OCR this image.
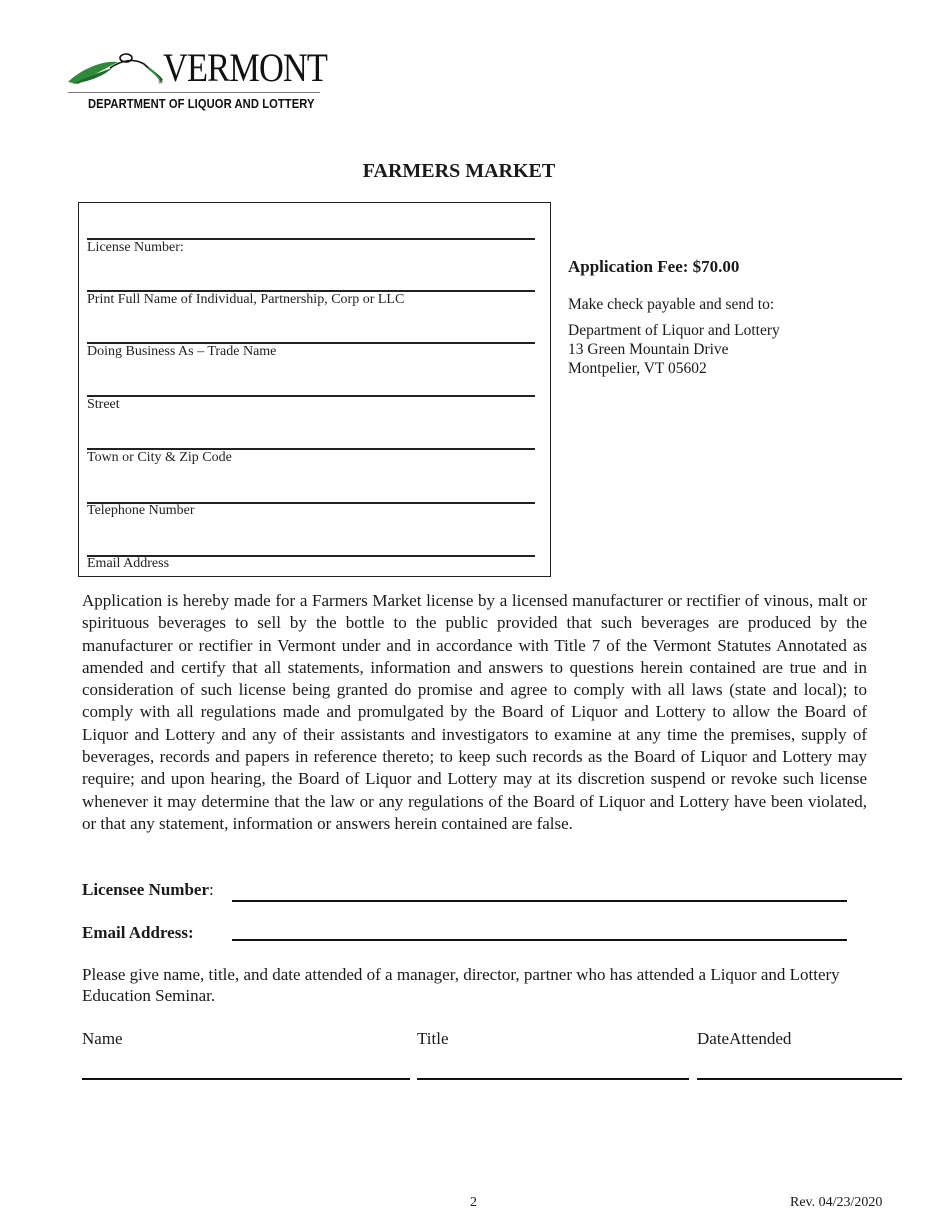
® VERMONT
DEPARTMENT OF LIQUOR AND LOTTERY
FARMERS MARKET
License Number:
Print Full Name of Individual, Partnership, Corp or LLC
Doing Business As – Trade Name
Street
Town or City & Zip Code
Telephone Number
Email Address
Application Fee: $70.00
Make check payable and send to:
Department of Liquor and Lottery
13 Green Mountain Drive
Montpelier, VT 05602
Application is hereby made for a Farmers Market license by a licensed manufacturer or rectifier of vinous, malt or spirituous beverages to sell by the bottle to the public provided that such beverages are produced by the manufacturer or rectifier in Vermont under and in accordance with Title 7 of the Vermont Statutes Annotated as amended and certify that all statements, information and answers to questions herein contained are true and in consideration of such license being granted do promise and agree to comply with all laws (state and local); to comply with all regulations made and promulgated by the Board of Liquor and Lottery to allow the Board of Liquor and Lottery and any of their assistants and investigators to examine at any time the premises, supply of beverages, records and papers in reference thereto; to keep such records as the Board of Liquor and Lottery may require; and upon hearing, the Board of Liquor and Lottery may at its discretion suspend or revoke such license whenever it may determine that the law or any regulations of the Board of Liquor and Lottery have been violated, or that any statement, information or answers herein contained are false.
Licensee Number:
Email Address:
Please give name, title, and date attended of a manager, director, partner who has attended a Liquor and Lottery Education Seminar.
Name	Title	DateAttended
2	Rev. 04/23/2020
